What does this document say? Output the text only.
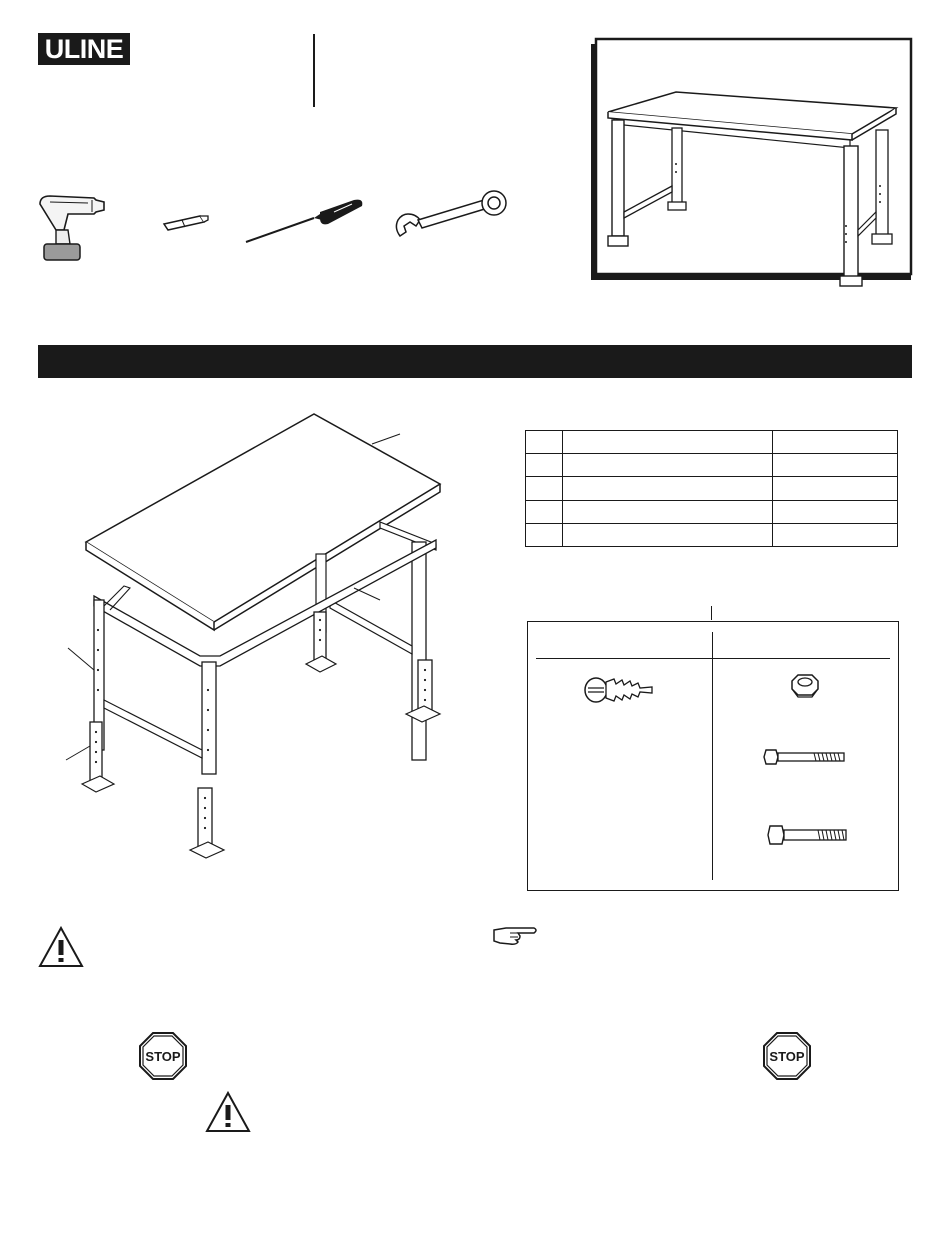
ULINE

STOP	STOP
